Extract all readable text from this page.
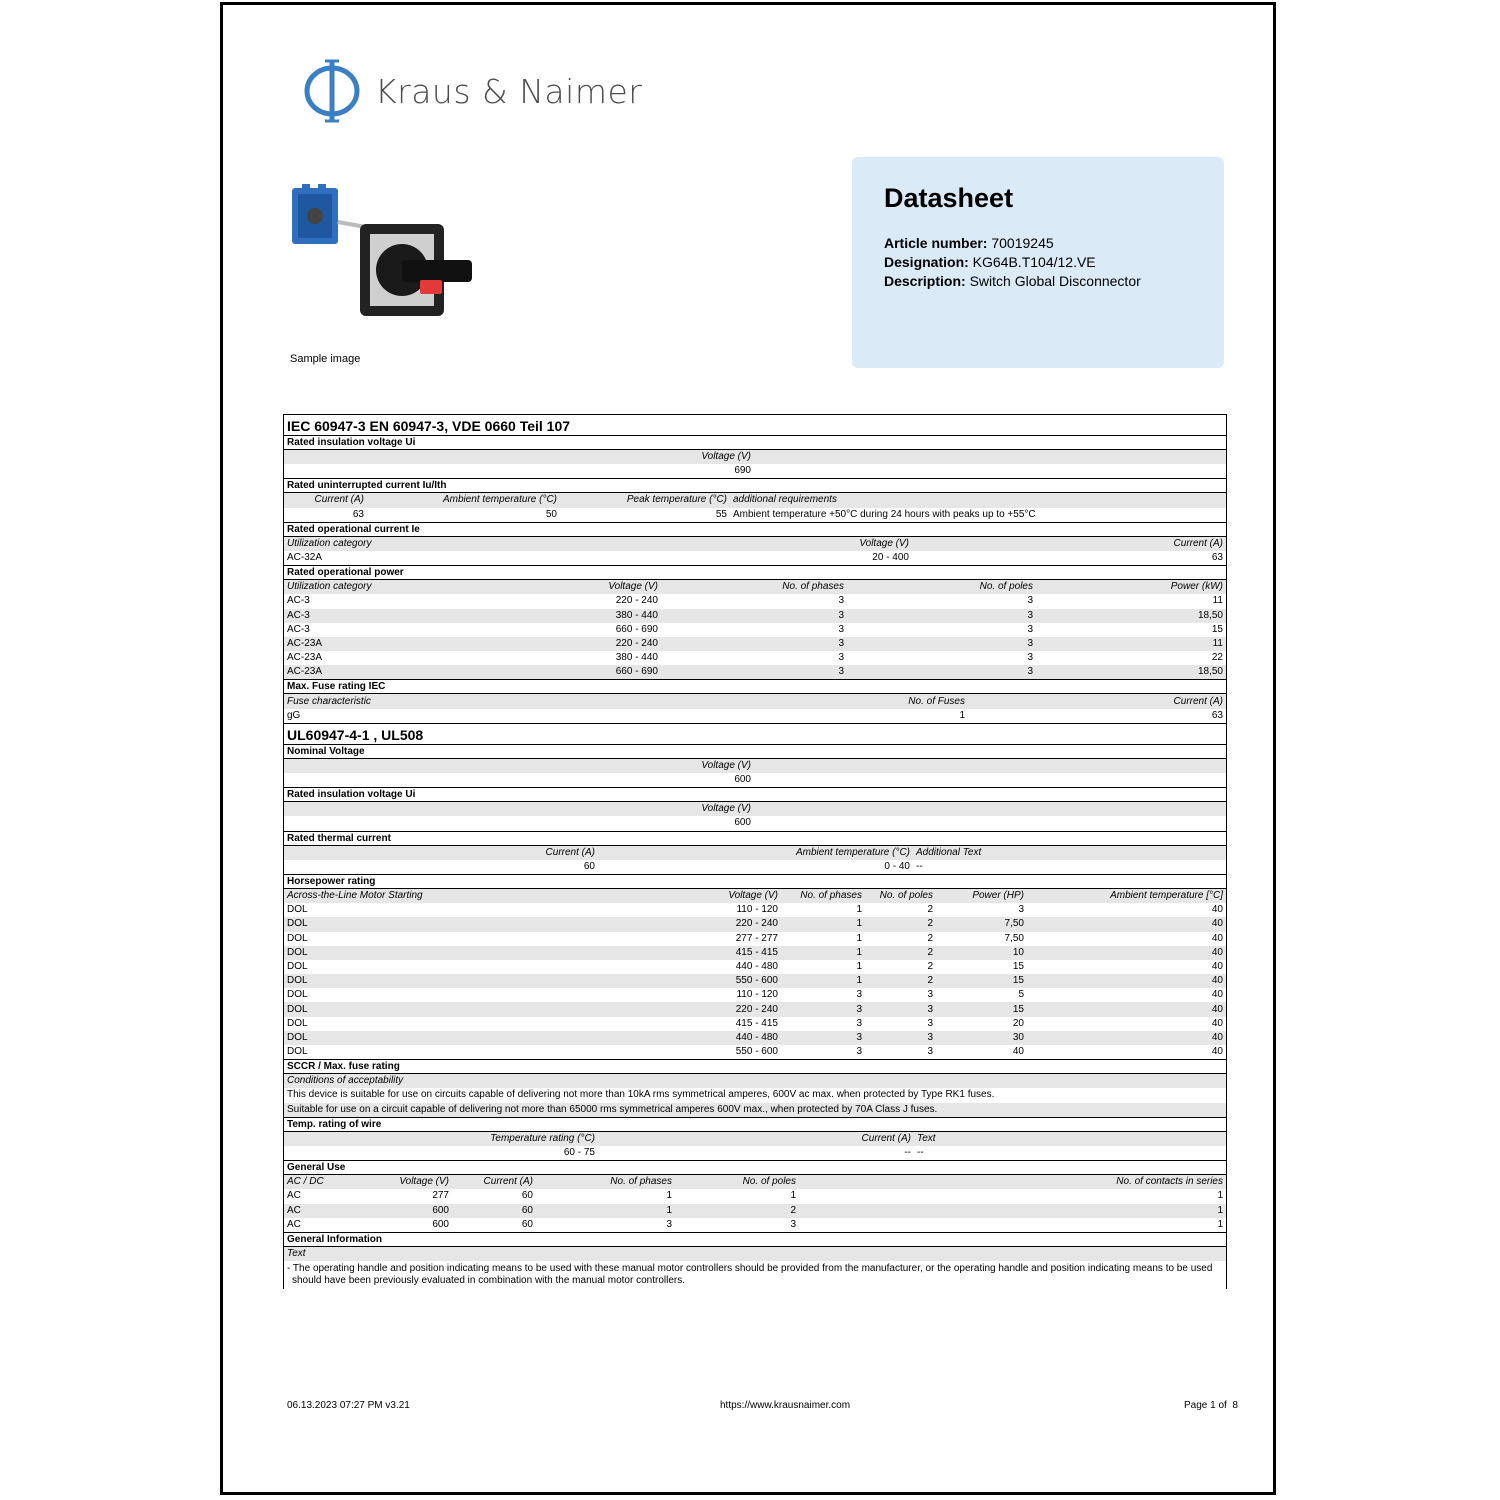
Kraus & Naimer
Sample image
Datasheet
Article number: 70019245
Designation: KG64B.T104/12.VE
Description: Switch Global Disconnector
IEC 60947-3 EN 60947-3, VDE 0660 Teil 107
Rated insulation voltage Ui
Voltage (V)		
690		
Rated uninterrupted current Iu/Ith
Current (A)	Ambient temperature (°C)	Peak temperature (°C)	additional requirements
63	50	55	Ambient temperature +50°C during 24 hours with peaks up to +55°C
Rated operational current Ie
Utilization category	Voltage (V)	Current (A)
AC-32A	20 - 400	63
Rated operational power
Utilization category	Voltage (V)	No. of phases	No. of poles	Power (kW)
AC-3	220 - 240	3	3	11
AC-3	380 - 440	3	3	18,50
AC-3	660 - 690	3	3	15
AC-23A	220 - 240	3	3	11
AC-23A	380 - 440	3	3	22
AC-23A	660 - 690	3	3	18,50
Max. Fuse rating IEC
Fuse characteristic	No. of Fuses	Current (A)
gG	1	63
UL60947-4-1 , UL508
Nominal Voltage
Voltage (V)		
600		
Rated insulation voltage Ui
Voltage (V)		
600		
Rated thermal current
Current (A)	Ambient temperature (°C)	Additional Text
60	0 - 40	--
Horsepower rating
Across-the-Line Motor Starting	Voltage (V)	No. of phases	No. of poles	Power (HP)	Ambient temperature [°C]
DOL	110 - 120	1	2	3	40
DOL	220 - 240	1	2	7,50	40
DOL	277 - 277	1	2	7,50	40
DOL	415 - 415	1	2	10	40
DOL	440 - 480	1	2	15	40
DOL	550 - 600	1	2	15	40
DOL	110 - 120	3	3	5	40
DOL	220 - 240	3	3	15	40
DOL	415 - 415	3	3	20	40
DOL	440 - 480	3	3	30	40
DOL	550 - 600	3	3	40	40
SCCR / Max. fuse rating
Conditions of acceptability
This device is suitable for use on circuits capable of delivering not more than 10kA rms symmetrical amperes, 600V ac max. when protected by Type RK1 fuses.
Suitable for use on a circuit capable of delivering not more than 65000 rms symmetrical amperes 600V max., when protected by 70A Class J fuses.
Temp. rating of wire
Temperature rating (°C)	Current (A)	Text
60 - 75	--	--
General Use
AC / DC	Voltage (V)	Current (A)	No. of phases	No. of poles	No. of contacts in series
AC	277	60	1	1	1
AC	600	60	1	2	1
AC	600	60	3	3	1
General Information
Text
- The operating handle and position indicating means to be used with these manual motor controllers should be provided from the manufacturer, or the operating handle and position indicating means to be used should have been previously evaluated in combination with the manual motor controllers.
06.13.2023 07:27 PM v3.21	https://www.krausnaimer.com	Page 1 of  8
